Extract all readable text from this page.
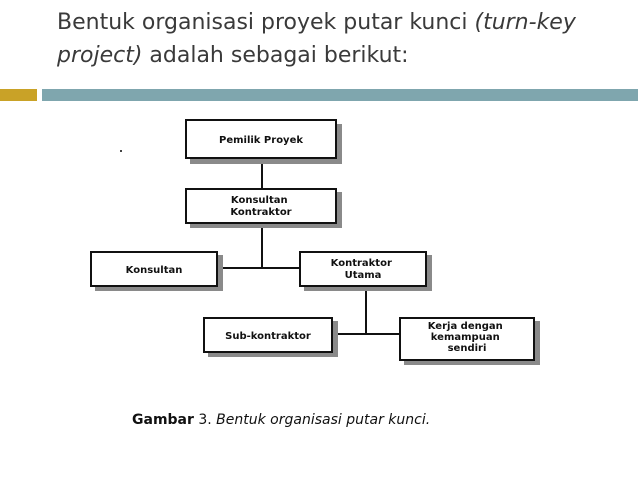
Bentuk organisasi proyek putar kunci (turn-key project) adalah sebagai berikut:
Pemilik Proyek
Konsultan Kontraktor
Konsultan
Kontraktor Utama
Sub-kontraktor
Kerja dengan kemampuan sendiri
Gambar 3. Bentuk organisasi putar kunci.
